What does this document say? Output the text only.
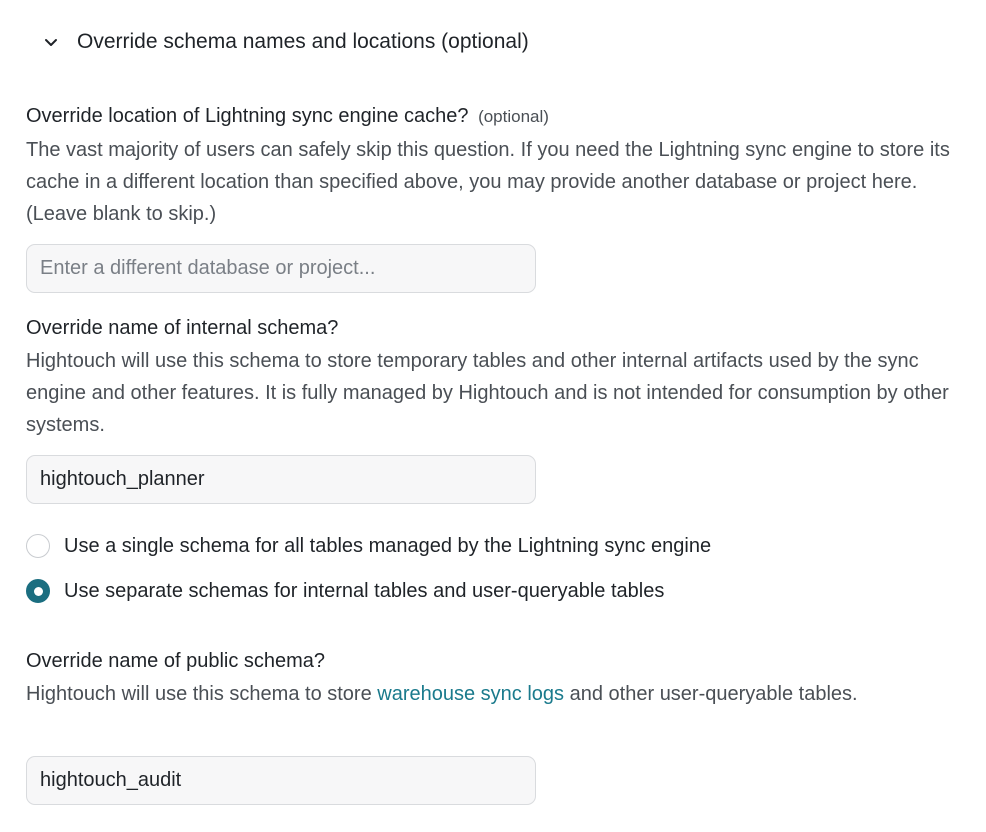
Override schema names and locations (optional)
Override location of Lightning sync engine cache? (optional)
The vast majority of users can safely skip this question. If you need the Lightning sync engine to store its cache in a different location than specified above, you may provide another database or project here. (Leave blank to skip.)
Enter a different database or project...
Override name of internal schema?
Hightouch will use this schema to store temporary tables and other internal artifacts used by the sync engine and other features. It is fully managed by Hightouch and is not intended for consumption by other systems.
hightouch_planner
Use a single schema for all tables managed by the Lightning sync engine
Use separate schemas for internal tables and user-queryable tables
Override name of public schema?
Hightouch will use this schema to store warehouse sync logs and other user-queryable tables.
hightouch_audit
